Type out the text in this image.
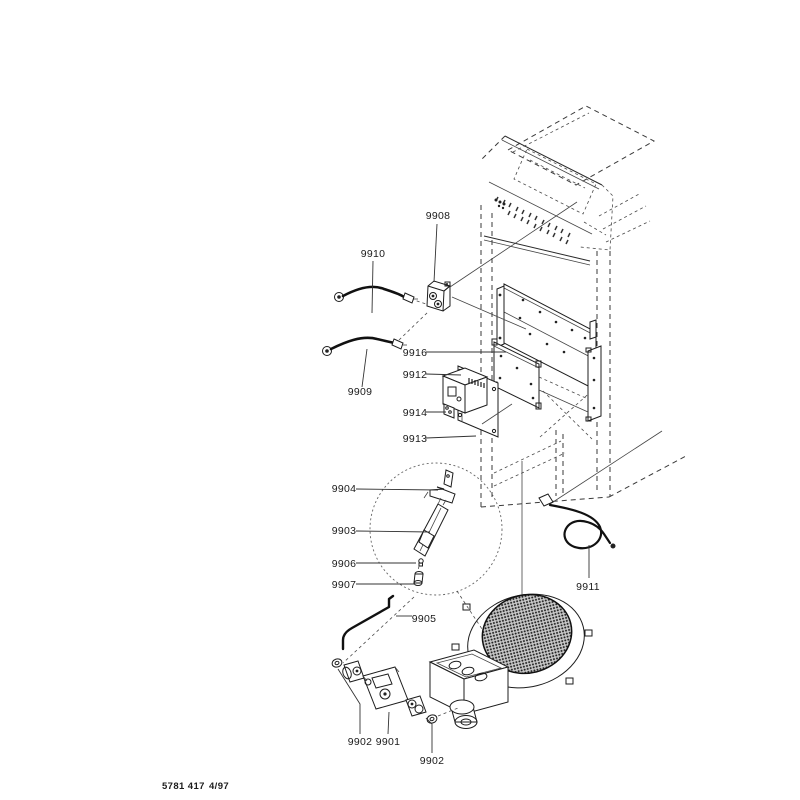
9908
9910
9916
9912
9909
9914
9913
9904
9903
9906
9907
9905
9911
9902 9901
9902
5781 417 4/97
